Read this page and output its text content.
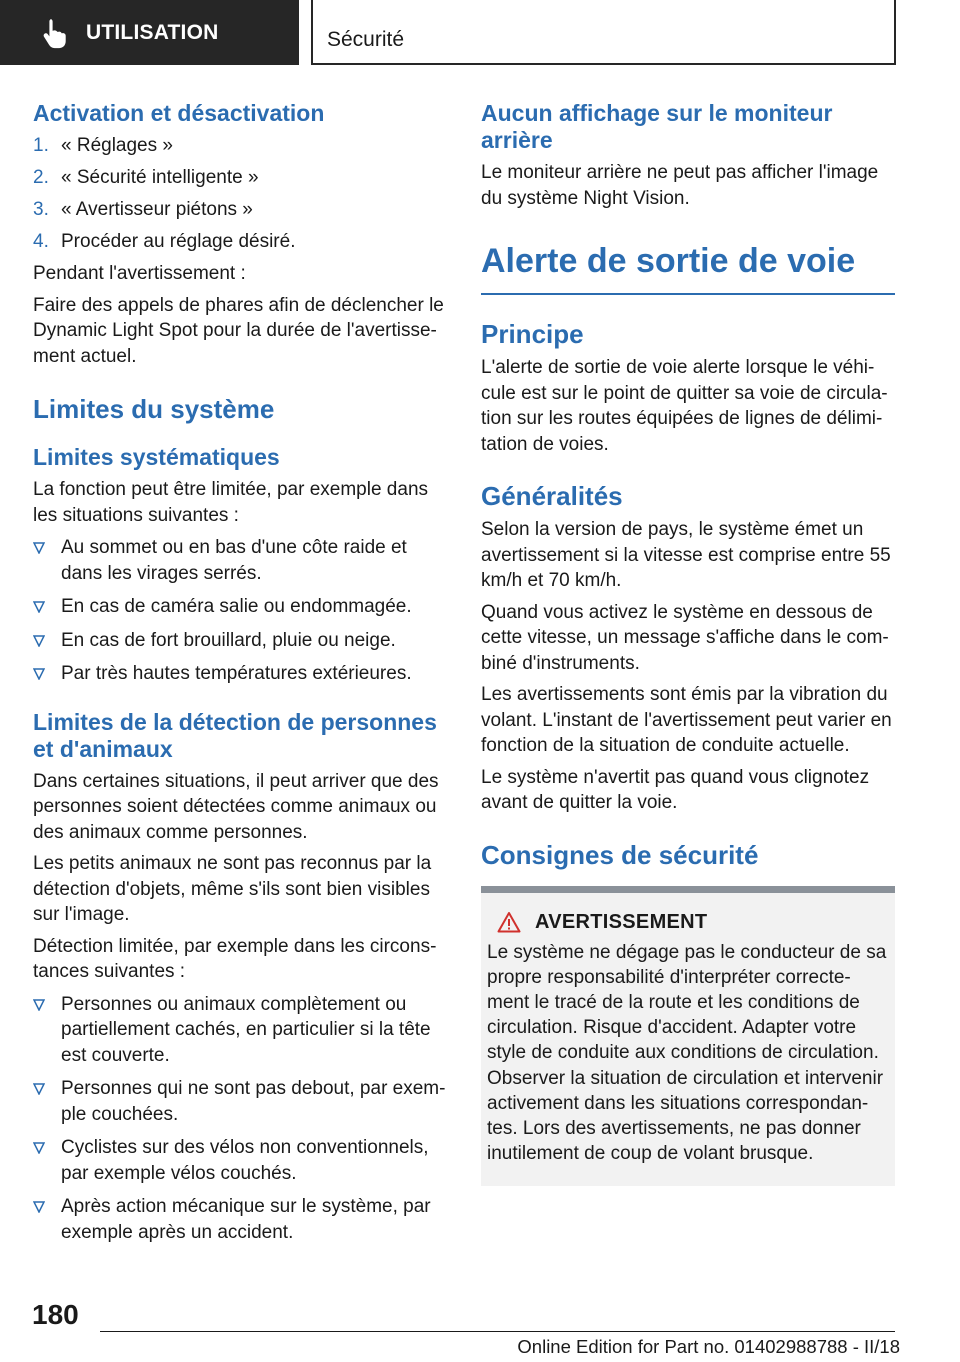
UTILISATION	Sécurité
Activation et désactivation
1. « Réglages »
2. « Sécurité intelligente »
3. « Avertisseur piétons »
4. Procéder au réglage désiré.

Pendant l'avertissement :

Faire des appels de phares afin de déclencher le Dynamic Light Spot pour la durée de l'avertisse-ment actuel.

Limites du système
Limites systématiques

La fonction peut être limitée, par exemple dans les situations suivantes :

Au sommet ou en bas d'une côte raide et dans les virages serrés.
En cas de caméra salie ou endommagée.
En cas de fort brouillard, pluie ou neige.
Par très hautes températures extérieures.
Limites de la détection de personnes et d'animaux

Dans certaines situations, il peut arriver que des personnes soient détectées comme animaux ou des animaux comme personnes.

Les petits animaux ne sont pas reconnus par la détection d'objets, même s'ils sont bien visibles sur l'image.

Détection limitée, par exemple dans les circons-tances suivantes :

Personnes ou animaux complètement ou partiellement cachés, en particulier si la tête est couverte.
Personnes qui ne sont pas debout, par exem-ple couchées.
Cyclistes sur des vélos non conventionnels, par exemple vélos couchés.
Après action mécanique sur le système, par exemple après un accident.
Aucun affichage sur le moniteur arrière

Le moniteur arrière ne peut pas afficher l'image du système Night Vision.

Alerte de sortie de voie
Principe

L'alerte de sortie de voie alerte lorsque le véhi-cule est sur le point de quitter sa voie de circula-tion sur les routes équipées de lignes de délimi-tation de voies.

Généralités

Selon la version de pays, le système émet un avertissement si la vitesse est comprise entre 55 km/h et 70 km/h.

Quand vous activez le système en dessous de cette vitesse, un message s'affiche dans le com-biné d'instruments.

Les avertissements sont émis par la vibration du volant. L'instant de l'avertissement peut varier en fonction de la situation de conduite actuelle.

Le système n'avertit pas quand vous clignotez avant de quitter la voie.

Consignes de sécurité
AVERTISSEMENT

Le système ne dégage pas le conducteur de sa propre responsabilité d'interpréter correcte-ment le tracé de la route et les conditions de circulation. Risque d'accident. Adapter votre style de conduite aux conditions de circulation. Observer la situation de circulation et intervenir activement dans les situations correspondan-tes. Lors des avertissements, ne pas donner inutilement de coup de volant brusque.

180
Online Edition for Part no. 01402988788 - II/18
